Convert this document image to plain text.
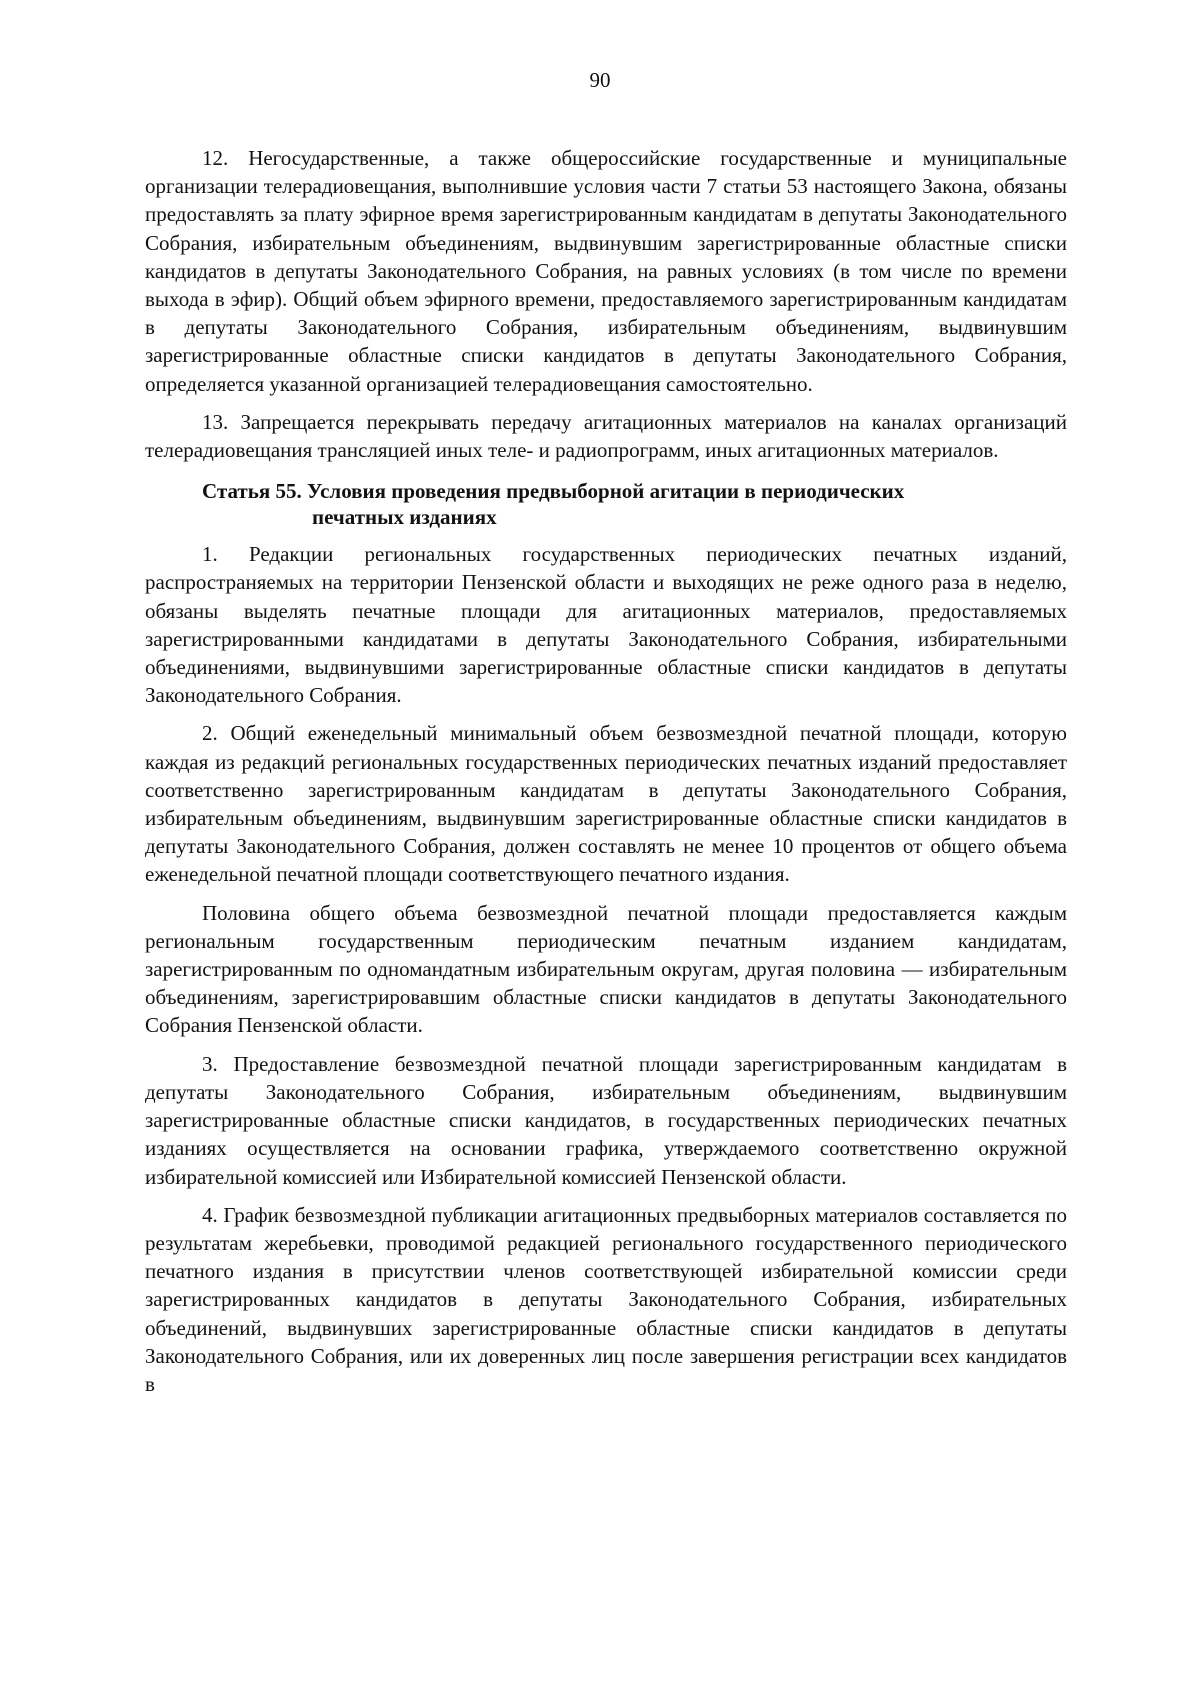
90

12. Негосударственные, а также общероссийские государственные и муниципальные организации телерадиовещания, выполнившие условия части 7 статьи 53 настоящего Закона, обязаны предоставлять за плату эфирное время зарегистрированным кандидатам в депутаты Законодательного Собрания, избирательным объединениям, выдвинувшим зарегистрированные областные списки кандидатов в депутаты Законодательного Собрания, на равных условиях (в том числе по времени выхода в эфир). Общий объем эфирного времени, предоставляемого зарегистрированным кандидатам в депутаты Законодательного Собрания, избирательным объединениям, выдвинувшим зарегистрированные областные списки кандидатов в депутаты Законодательного Собрания, определяется указанной организацией телерадиовещания самостоятельно.

13. Запрещается перекрывать передачу агитационных материалов на каналах организаций телерадиовещания трансляцией иных теле- и радиопрограмм, иных агитационных материалов.

Статья 55. Условия проведения предвыборной агитации в периодических
печатных изданиях

1. Редакции региональных государственных периодических печатных изданий, распространяемых на территории Пензенской области и выходящих не реже одного раза в неделю, обязаны выделять печатные площади для агитационных материалов, предоставляемых зарегистрированными кандидатами в депутаты Законодательного Собрания, избирательными объединениями, выдвинувшими зарегистрированные областные списки кандидатов в депутаты Законодательного Собрания.

2. Общий еженедельный минимальный объем безвозмездной печатной площади, которую каждая из редакций региональных государственных периодических печатных изданий предоставляет соответственно зарегистрированным кандидатам в депутаты Законодательного Собрания, избирательным объединениям, выдвинувшим зарегистрированные областные списки кандидатов в депутаты Законодательного Собрания, должен составлять не менее 10 процентов от общего объема еженедельной печатной площади соответствующего печатного издания.

Половина общего объема безвозмездной печатной площади предоставляется каждым региональным государственным периодическим печатным изданием кандидатам, зарегистрированным по одномандатным избирательным округам, другая половина — избирательным объединениям, зарегистрировавшим областные списки кандидатов в депутаты Законодательного Собрания Пензенской области.

3. Предоставление безвозмездной печатной площади зарегистрированным кандидатам в депутаты Законодательного Собрания, избирательным объединениям, выдвинувшим зарегистрированные областные списки кандидатов, в государственных периодических печатных изданиях осуществляется на основании графика, утверждаемого соответственно окружной избирательной комиссией или Избирательной комиссией Пензенской области.

4. График безвозмездной публикации агитационных предвыборных материалов составляется по результатам жеребьевки, проводимой редакцией регионального государственного периодического печатного издания в присутствии членов соответствующей избирательной комиссии среди зарегистрированных кандидатов в депутаты Законодательного Собрания, избирательных объединений, выдвинувших зарегистрированные областные списки кандидатов в депутаты Законодательного Собрания, или их доверенных лиц после завершения регистрации всех кандидатов в
